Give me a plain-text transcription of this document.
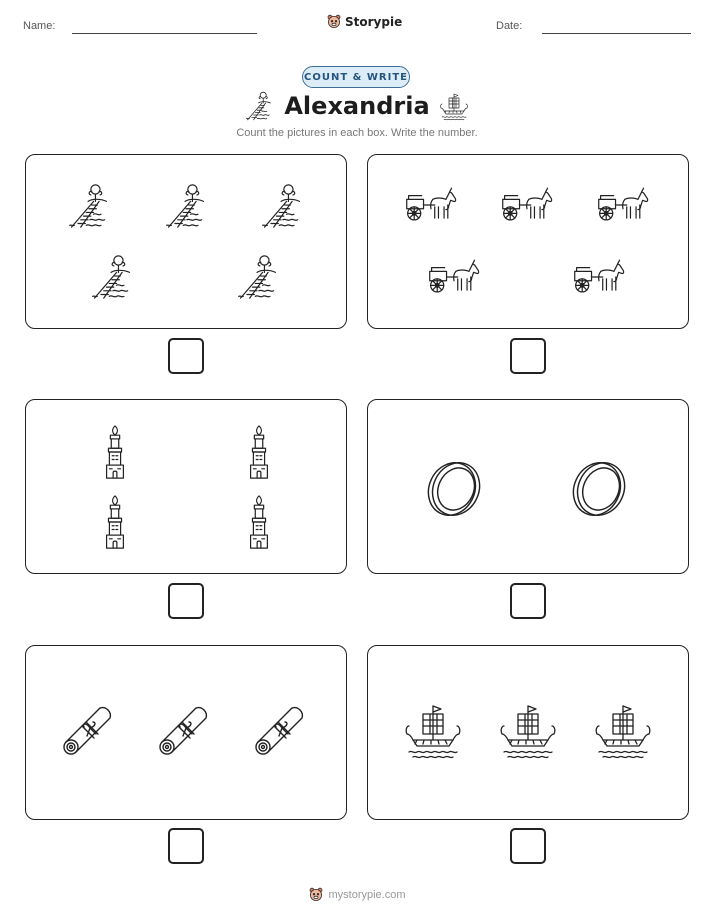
Name:	Storypie	Date:
COUNT & WRITE
Alexandria
Count the pictures in each box. Write the number.
mystorypie.com
